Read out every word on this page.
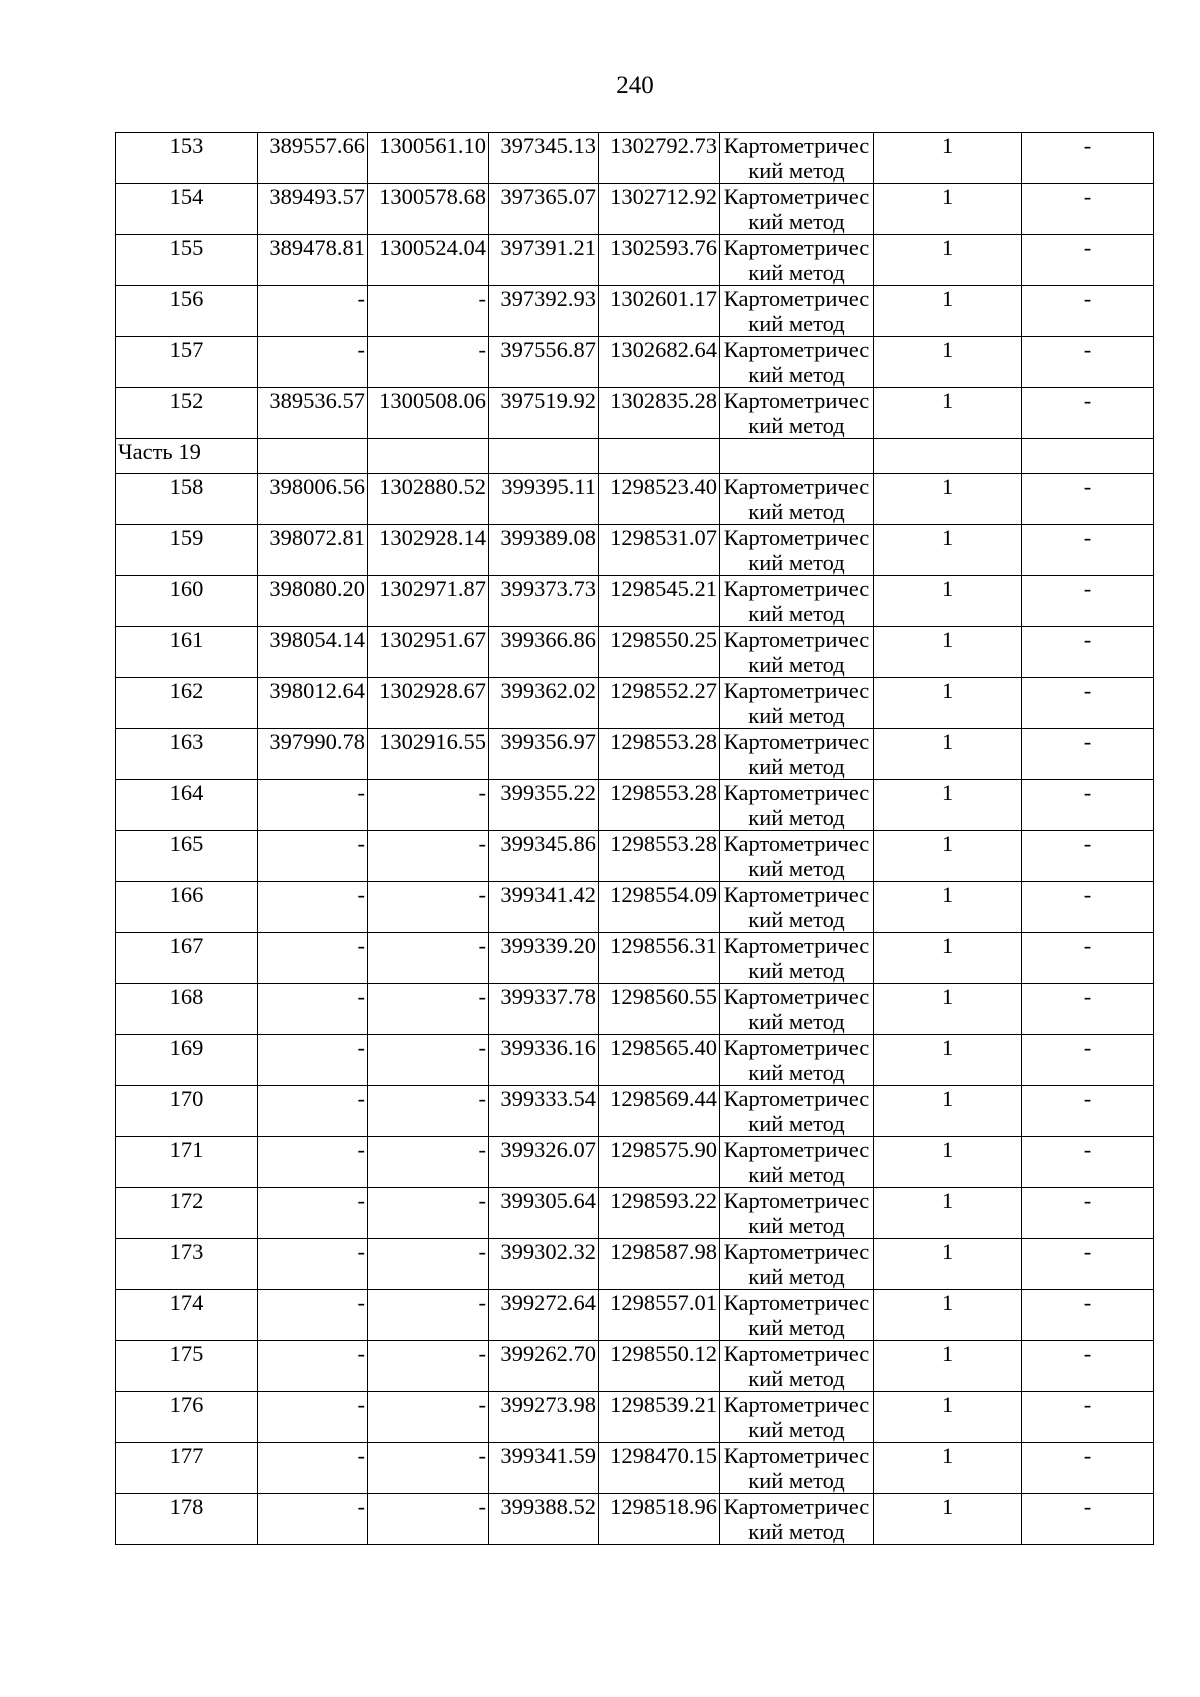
240
153	389557.66	1300561.10	397345.13	1302792.73	Картометрический метод	1	-
154	389493.57	1300578.68	397365.07	1302712.92	Картометрический метод	1	-
155	389478.81	1300524.04	397391.21	1302593.76	Картометрический метод	1	-
156	-	-	397392.93	1302601.17	Картометрический метод	1	-
157	-	-	397556.87	1302682.64	Картометрический метод	1	-
152	389536.57	1300508.06	397519.92	1302835.28	Картометрический метод	1	-
Часть 19							
158	398006.56	1302880.52	399395.11	1298523.40	Картометрический метод	1	-
159	398072.81	1302928.14	399389.08	1298531.07	Картометрический метод	1	-
160	398080.20	1302971.87	399373.73	1298545.21	Картометрический метод	1	-
161	398054.14	1302951.67	399366.86	1298550.25	Картометрический метод	1	-
162	398012.64	1302928.67	399362.02	1298552.27	Картометрический метод	1	-
163	397990.78	1302916.55	399356.97	1298553.28	Картометрический метод	1	-
164	-	-	399355.22	1298553.28	Картометрический метод	1	-
165	-	-	399345.86	1298553.28	Картометрический метод	1	-
166	-	-	399341.42	1298554.09	Картометрический метод	1	-
167	-	-	399339.20	1298556.31	Картометрический метод	1	-
168	-	-	399337.78	1298560.55	Картометрический метод	1	-
169	-	-	399336.16	1298565.40	Картометрический метод	1	-
170	-	-	399333.54	1298569.44	Картометрический метод	1	-
171	-	-	399326.07	1298575.90	Картометрический метод	1	-
172	-	-	399305.64	1298593.22	Картометрический метод	1	-
173	-	-	399302.32	1298587.98	Картометрический метод	1	-
174	-	-	399272.64	1298557.01	Картометрический метод	1	-
175	-	-	399262.70	1298550.12	Картометрический метод	1	-
176	-	-	399273.98	1298539.21	Картометрический метод	1	-
177	-	-	399341.59	1298470.15	Картометрический метод	1	-
178	-	-	399388.52	1298518.96	Картометрический метод	1	-
